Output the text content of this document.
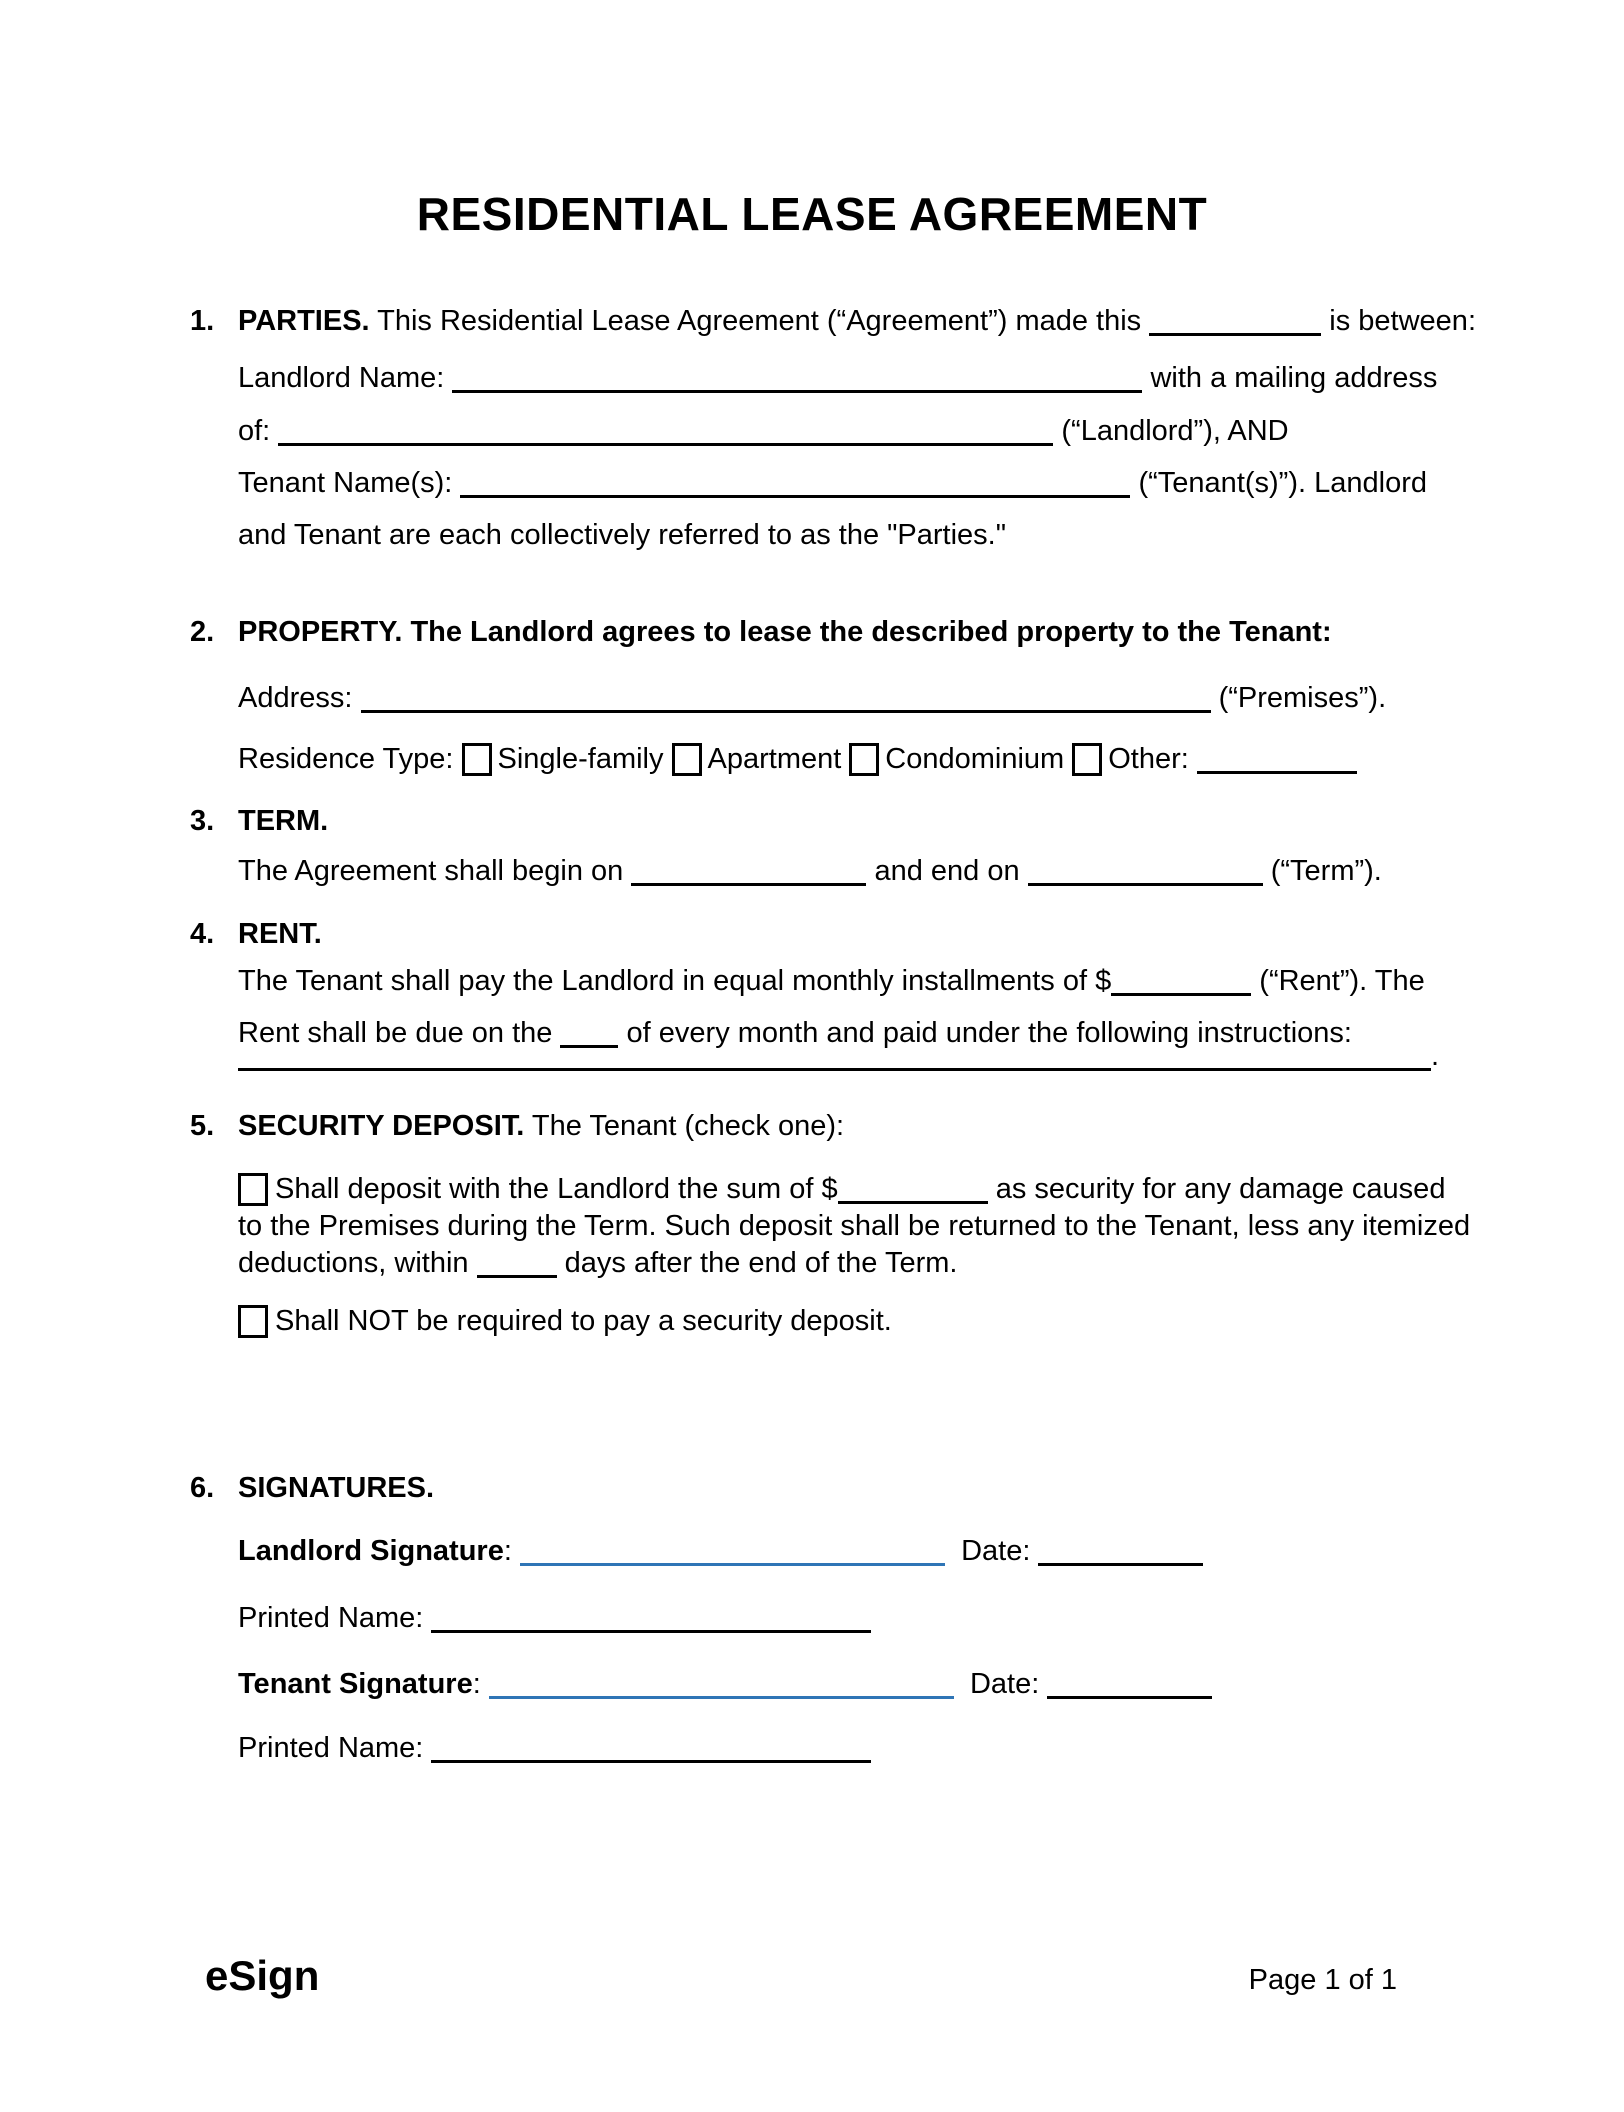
RESIDENTIAL LEASE AGREEMENT
1. PARTIES. This Residential Lease Agreement (“Agreement”) made this	is between:
Landlord Name:	with a mailing address
of:	(“Landlord”), AND
Tenant Name(s):	(“Tenant(s)”). Landlord
and Tenant are each collectively referred to as the "Parties."
2. PROPERTY. The Landlord agrees to lease the described property to the Tenant:
Address:	(“Premises”).
Residence Type: Single-family Apartment Condominium Other:
3. TERM.
The Agreement shall begin on	and end on	(“Term”).
4. RENT.
The Tenant shall pay the Landlord in equal monthly installments of $	(“Rent”). The
Rent shall be due on the	of every month and paid under the following instructions:
.
5. SECURITY DEPOSIT. The Tenant (check one):
Shall deposit with the Landlord the sum of $	as security for any damage caused
to the Premises during the Term. Such deposit shall be returned to the Tenant, less any itemized
deductions, within	days after the end of the Term.
Shall NOT be required to pay a security deposit.
6. SIGNATURES.
Landlord Signature:	Date:
Printed Name:
Tenant Signature:	Date:
Printed Name:
eSign	Page 1 of 1
